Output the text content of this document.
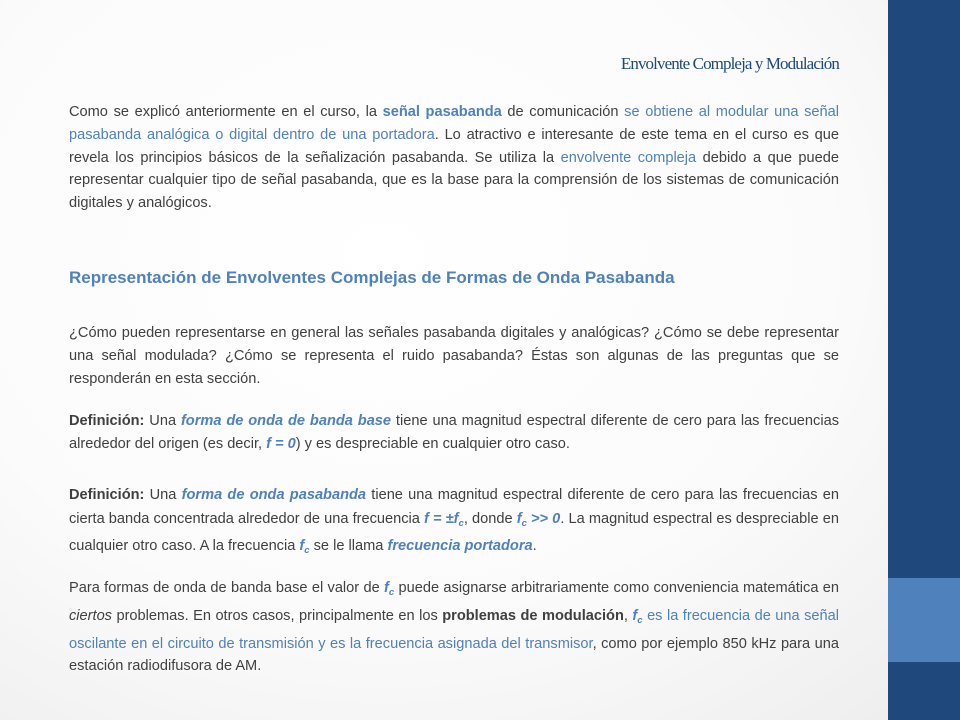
Envolvente Compleja y Modulación

Como se explicó anteriormente en el curso, la señal pasabanda de comunicación se obtiene al modular una señal pasabanda analógica o digital dentro de una portadora. Lo atractivo e interesante de este tema en el curso es que revela los principios básicos de la señalización pasabanda. Se utiliza la envolvente compleja debido a que puede representar cualquier tipo de señal pasabanda, que es la base para la comprensión de los sistemas de comunicación digitales y analógicos.

Representación de Envolventes Complejas de Formas de Onda Pasabanda

¿Cómo pueden representarse en general las señales pasabanda digitales y analógicas? ¿Cómo se debe representar una señal modulada? ¿Cómo se representa el ruido pasabanda? Éstas son algunas de las preguntas que se responderán en esta sección.

Definición: Una forma de onda de banda base tiene una magnitud espectral diferente de cero para las frecuencias alrededor del origen (es decir, f = 0) y es despreciable en cualquier otro caso.

Definición: Una forma de onda pasabanda tiene una magnitud espectral diferente de cero para las frecuencias en cierta banda concentrada alrededor de una frecuencia $f = \pm f_c$, donde $f_c >> 0$. La magnitud espectral es despreciable en cualquier otro caso. A la frecuencia $f_c$ se le llama frecuencia portadora.

Para formas de onda de banda base el valor de $f_c$ puede asignarse arbitrariamente como conveniencia matemática en ciertos problemas. En otros casos, principalmente en los problemas de modulación, $f_c$ es la frecuencia de una señal oscilante en el circuito de transmisión y es la frecuencia asignada del transmisor, como por ejemplo 850 kHz para una estación radiodifusora de AM.
